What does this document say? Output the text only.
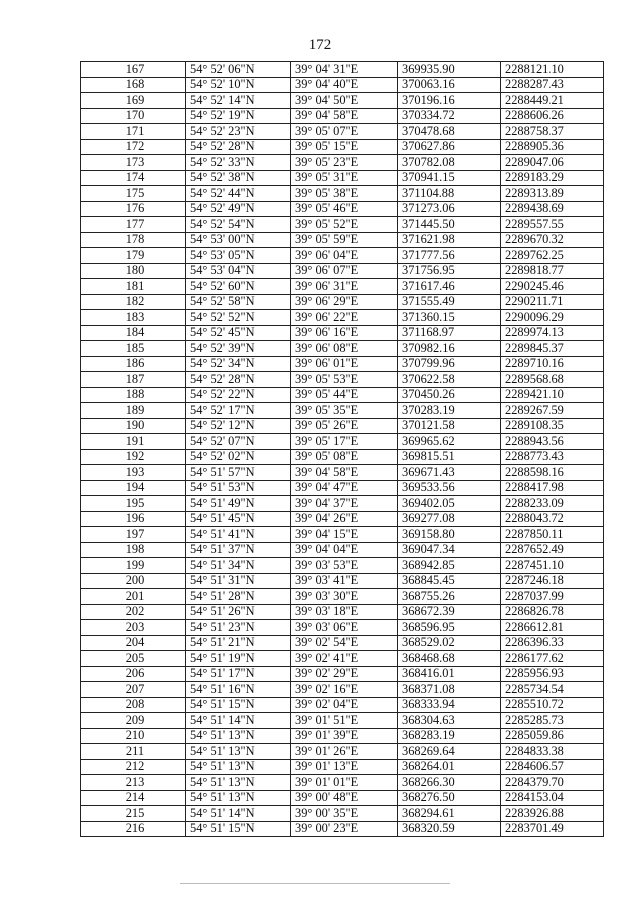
172
167	54° 52' 06"N	39° 04' 31"E	369935.90	2288121.10
168	54° 52' 10"N	39° 04' 40"E	370063.16	2288287.43
169	54° 52' 14"N	39° 04' 50"E	370196.16	2288449.21
170	54° 52' 19"N	39° 04' 58"E	370334.72	2288606.26
171	54° 52' 23"N	39° 05' 07"E	370478.68	2288758.37
172	54° 52' 28"N	39° 05' 15"E	370627.86	2288905.36
173	54° 52' 33"N	39° 05' 23"E	370782.08	2289047.06
174	54° 52' 38"N	39° 05' 31"E	370941.15	2289183.29
175	54° 52' 44"N	39° 05' 38"E	371104.88	2289313.89
176	54° 52' 49"N	39° 05' 46"E	371273.06	2289438.69
177	54° 52' 54"N	39° 05' 52"E	371445.50	2289557.55
178	54° 53' 00"N	39° 05' 59"E	371621.98	2289670.32
179	54° 53' 05"N	39° 06' 04"E	371777.56	2289762.25
180	54° 53' 04"N	39° 06' 07"E	371756.95	2289818.77
181	54° 52' 60"N	39° 06' 31"E	371617.46	2290245.46
182	54° 52' 58"N	39° 06' 29"E	371555.49	2290211.71
183	54° 52' 52"N	39° 06' 22"E	371360.15	2290096.29
184	54° 52' 45"N	39° 06' 16"E	371168.97	2289974.13
185	54° 52' 39"N	39° 06' 08"E	370982.16	2289845.37
186	54° 52' 34"N	39° 06' 01"E	370799.96	2289710.16
187	54° 52' 28"N	39° 05' 53"E	370622.58	2289568.68
188	54° 52' 22"N	39° 05' 44"E	370450.26	2289421.10
189	54° 52' 17"N	39° 05' 35"E	370283.19	2289267.59
190	54° 52' 12"N	39° 05' 26"E	370121.58	2289108.35
191	54° 52' 07"N	39° 05' 17"E	369965.62	2288943.56
192	54° 52' 02"N	39° 05' 08"E	369815.51	2288773.43
193	54° 51' 57"N	39° 04' 58"E	369671.43	2288598.16
194	54° 51' 53"N	39° 04' 47"E	369533.56	2288417.98
195	54° 51' 49"N	39° 04' 37"E	369402.05	2288233.09
196	54° 51' 45"N	39° 04' 26"E	369277.08	2288043.72
197	54° 51' 41"N	39° 04' 15"E	369158.80	2287850.11
198	54° 51' 37"N	39° 04' 04"E	369047.34	2287652.49
199	54° 51' 34"N	39° 03' 53"E	368942.85	2287451.10
200	54° 51' 31"N	39° 03' 41"E	368845.45	2287246.18
201	54° 51' 28"N	39° 03' 30"E	368755.26	2287037.99
202	54° 51' 26"N	39° 03' 18"E	368672.39	2286826.78
203	54° 51' 23"N	39° 03' 06"E	368596.95	2286612.81
204	54° 51' 21"N	39° 02' 54"E	368529.02	2286396.33
205	54° 51' 19"N	39° 02' 41"E	368468.68	2286177.62
206	54° 51' 17"N	39° 02' 29"E	368416.01	2285956.93
207	54° 51' 16"N	39° 02' 16"E	368371.08	2285734.54
208	54° 51' 15"N	39° 02' 04"E	368333.94	2285510.72
209	54° 51' 14"N	39° 01' 51"E	368304.63	2285285.73
210	54° 51' 13"N	39° 01' 39"E	368283.19	2285059.86
211	54° 51' 13"N	39° 01' 26"E	368269.64	2284833.38
212	54° 51' 13"N	39° 01' 13"E	368264.01	2284606.57
213	54° 51' 13"N	39° 01' 01"E	368266.30	2284379.70
214	54° 51' 13"N	39° 00' 48"E	368276.50	2284153.04
215	54° 51' 14"N	39° 00' 35"E	368294.61	2283926.88
216	54° 51' 15"N	39° 00' 23"E	368320.59	2283701.49
